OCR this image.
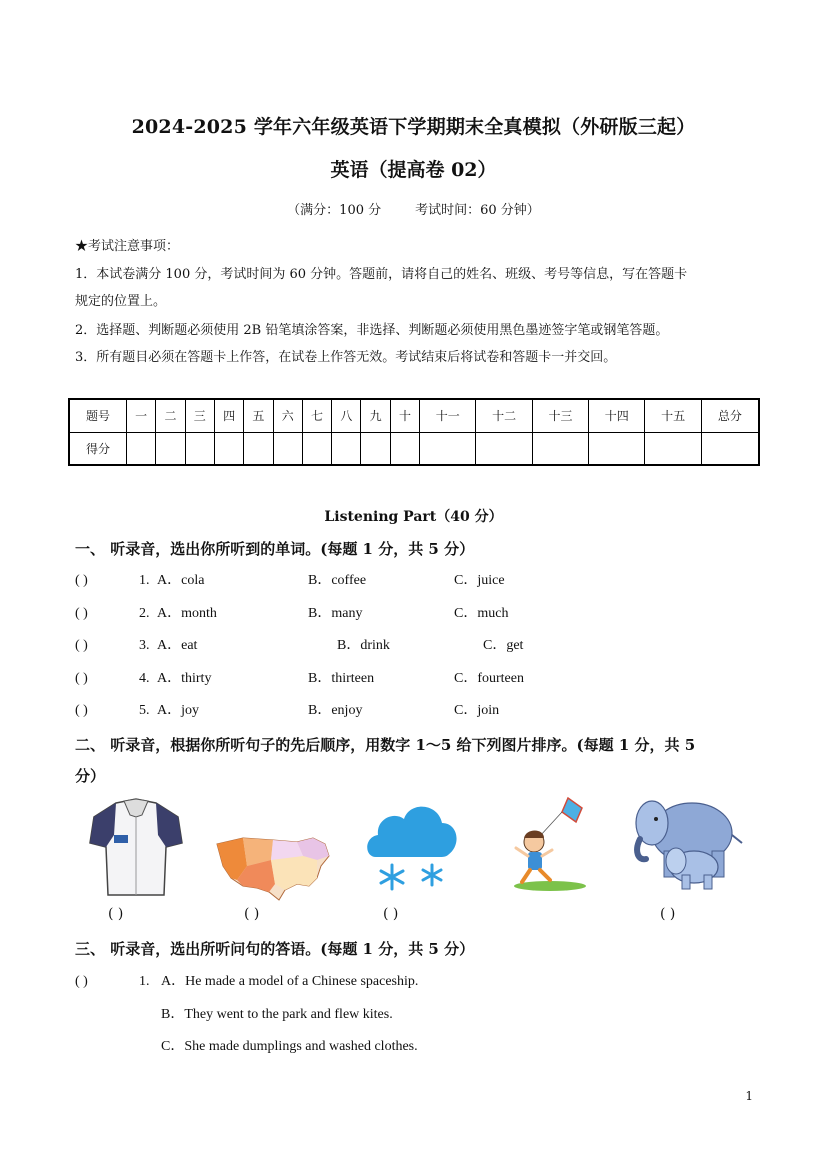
2024-2025 学年六年级英语下学期期末全真模拟（外研版三起）
英语（提高卷 02）
（满分：100 分	考试时间：60 分钟）
★考试注意事项：
1．本试卷满分 100 分，考试时间为 60 分钟。答题前，请将自己的姓名、班级、考号等信息，写在答题卡
规定的位置上。
2．选择题、判断题必须使用 2B 铅笔填涂答案，非选择、判断题必须使用黑色墨迹签字笔或钢笔答题。
3．所有题目必须在答题卡上作答，在试卷上作答无效。考试结束后将试卷和答题卡一并交回。
题号	一	二	三	四	五	六	七	八	九	十	十一	十二	十三	十四	十五	总分
得分																
Listening Part（40 分）
一、 听录音，选出你所听到的单词。(每题 1 分，共 5 分）
( )	1. A．cola	B．coffee	C．juice
( )	2. A．month	B．many	C．much
( )	3. A．eat	B．drink	C．get
( )	4. A．thirty	B．thirteen	C．fourteen
( )	5. A．joy	B．enjoy	C．join
二、 听录音，根据你所听句子的先后顺序，用数字 1～5 给下列图片排序。(每题 1 分，共 5
分）
( )	( )	( )	( )
三、 听录音，选出所听问句的答语。(每题 1 分，共 5 分）
( )	1. A．He made a model of a Chinese spaceship.
B．They went to the park and flew kites.
C．She made dumplings and washed clothes.
1
